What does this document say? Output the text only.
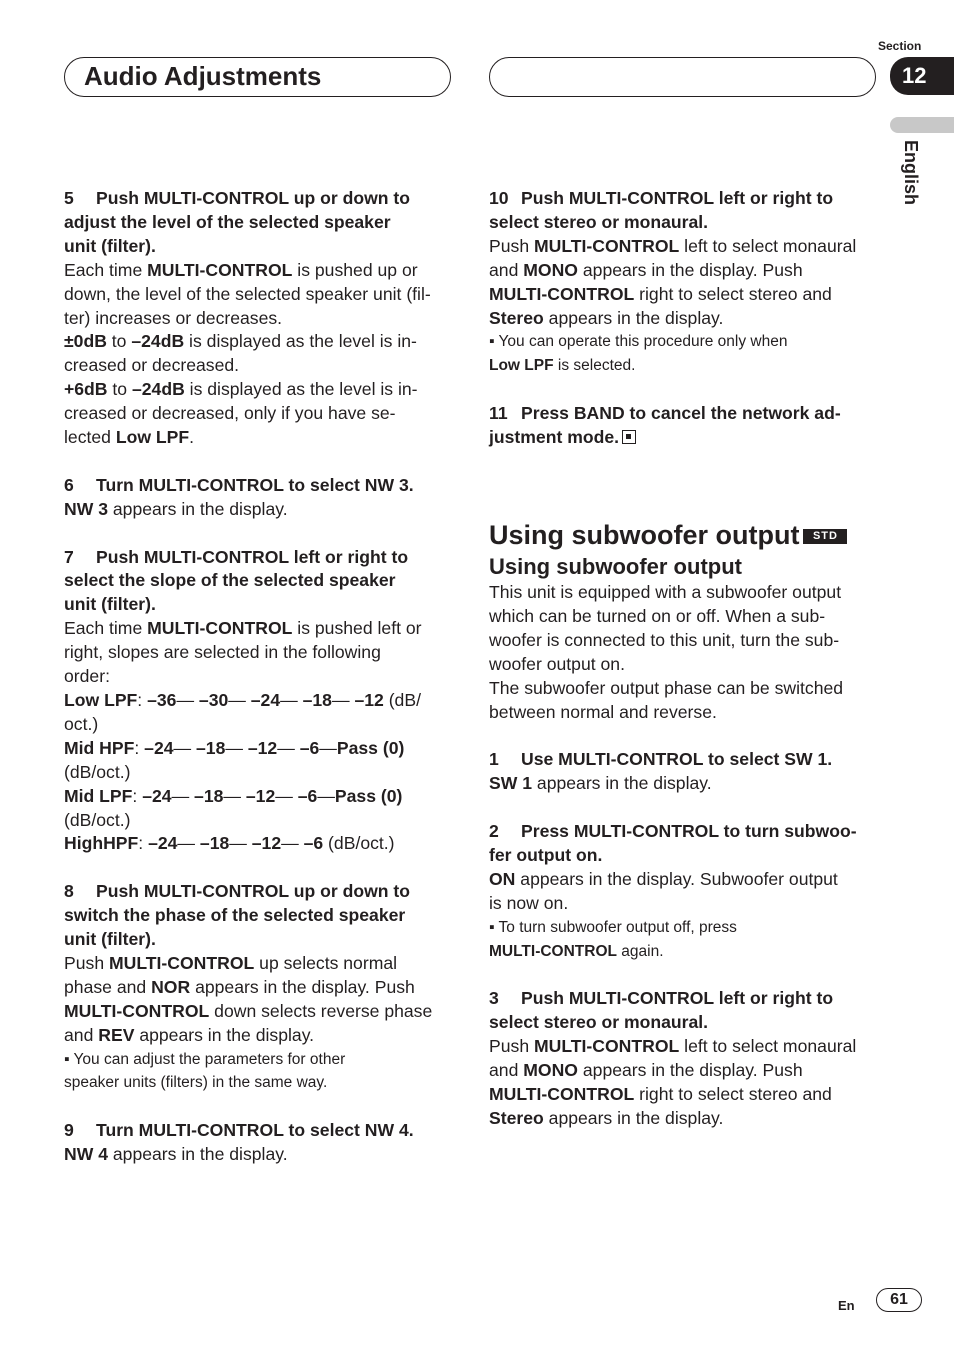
Audio Adjustments
Section
12
English

5 Push MULTI-CONTROL up or down to
adjust the level of the selected speaker
unit (filter).

Each time MULTI-CONTROL is pushed up or
down, the level of the selected speaker unit (fil-
ter) increases or decreases.

±0dB to –24dB is displayed as the level is in-
creased or decreased.

+6dB to –24dB is displayed as the level is in-
creased or decreased, only if you have se-
lected Low LPF.

6 Turn MULTI-CONTROL to select NW 3.

NW 3 appears in the display.

7 Push MULTI-CONTROL left or right to
select the slope of the selected speaker
unit (filter).

Each time MULTI-CONTROL is pushed left or
right, slopes are selected in the following
order:

Low LPF: –36— –30— –24— –18— –12 (dB/
oct.)

Mid HPF: –24— –18— –12— –6—Pass (0)
(dB/oct.)

Mid LPF: –24— –18— –12— –6—Pass (0)
(dB/oct.)

HighHPF: –24— –18— –12— –6 (dB/oct.)

8 Push MULTI-CONTROL up or down to
switch the phase of the selected speaker
unit (filter).

Push MULTI-CONTROL up selects normal
phase and NOR appears in the display. Push
MULTI-CONTROL down selects reverse phase
and REV appears in the display.

▪ You can adjust the parameters for other
speaker units (filters) in the same way.

9 Turn MULTI-CONTROL to select NW 4.

NW 4 appears in the display.

10 Push MULTI-CONTROL left or right to
select stereo or monaural.

Push MULTI-CONTROL left to select monaural
and MONO appears in the display. Push
MULTI-CONTROL right to select stereo and
Stereo appears in the display.

▪ You can operate this procedure only when
Low LPF is selected.

11 Press BAND to cancel the network ad-
justment mode.

Using subwoofer output STD

Using subwoofer output

This unit is equipped with a subwoofer output
which can be turned on or off. When a sub-
woofer is connected to this unit, turn the sub-
woofer output on.

The subwoofer output phase can be switched
between normal and reverse.

1 Use MULTI-CONTROL to select SW 1.

SW 1 appears in the display.

2 Press MULTI-CONTROL to turn subwoo-
fer output on.

ON appears in the display. Subwoofer output
is now on.

▪ To turn subwoofer output off, press
MULTI-CONTROL again.

3 Push MULTI-CONTROL left or right to
select stereo or monaural.

Push MULTI-CONTROL left to select monaural
and MONO appears in the display. Push
MULTI-CONTROL right to select stereo and
Stereo appears in the display.

En	61
